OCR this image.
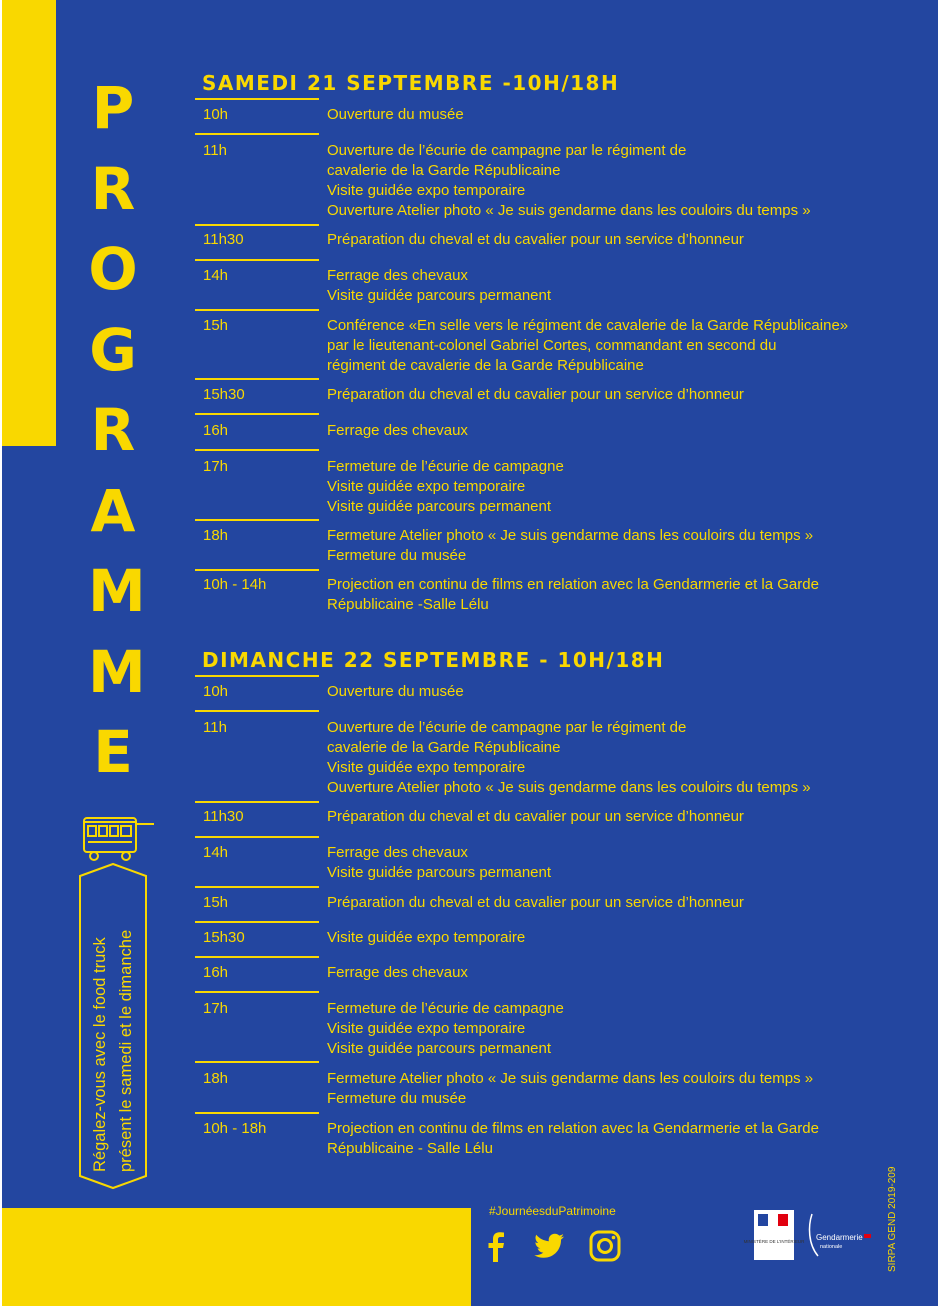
P
R
O
G
R
A
M
M
E
Régalez-vous avec le food truck présent le samedi et le dimanche
SAMEDI 21 SEPTEMBRE -10H/18H
10h	Ouverture du musée
11h	Ouverture de l’écurie de campagne par le régiment de
cavalerie de la Garde Républicaine
Visite guidée expo temporaire
Ouverture Atelier photo « Je suis gendarme dans les couloirs du temps »
11h30	Préparation du cheval et du cavalier pour un service d’honneur
14h	Ferrage des chevaux
Visite guidée parcours permanent
15h	Conférence «En selle vers le régiment de cavalerie de la Garde Républicaine»
par le lieutenant-colonel Gabriel Cortes, commandant en second du
régiment de cavalerie de la Garde Républicaine
15h30	Préparation du cheval et du cavalier pour un service d’honneur
16h	Ferrage des chevaux
17h	Fermeture de l’écurie de campagne
Visite guidée expo temporaire
Visite guidée parcours permanent
18h	Fermeture Atelier photo « Je suis gendarme dans les couloirs du temps »
Fermeture du musée
10h - 14h	Projection en continu de films en relation avec la Gendarmerie et la Garde
Républicaine -Salle Lélu
DIMANCHE 22 SEPTEMBRE - 10H/18H
10h	Ouverture du musée
11h	Ouverture de l’écurie de campagne par le régiment de
cavalerie de la Garde Républicaine
Visite guidée expo temporaire
Ouverture Atelier photo « Je suis gendarme dans les couloirs du temps »
11h30	Préparation du cheval et du cavalier pour un service d’honneur
14h	Ferrage des chevaux
Visite guidée parcours permanent
15h	Préparation du cheval et du cavalier pour un service d’honneur
15h30	Visite guidée expo temporaire
16h	Ferrage des chevaux
17h	Fermeture de l’écurie de campagne
Visite guidée expo temporaire
Visite guidée parcours permanent
18h	Fermeture Atelier photo « Je suis gendarme dans les couloirs du temps »
Fermeture du musée
10h - 18h	Projection en continu de films en relation avec la Gendarmerie et la Garde
Républicaine - Salle Lélu
#JournéesduPatrimoine
MINISTÈRE DE L'INTÉRIEUR
Gendarmerie
nationale	SIRPA GEND 2019-209
